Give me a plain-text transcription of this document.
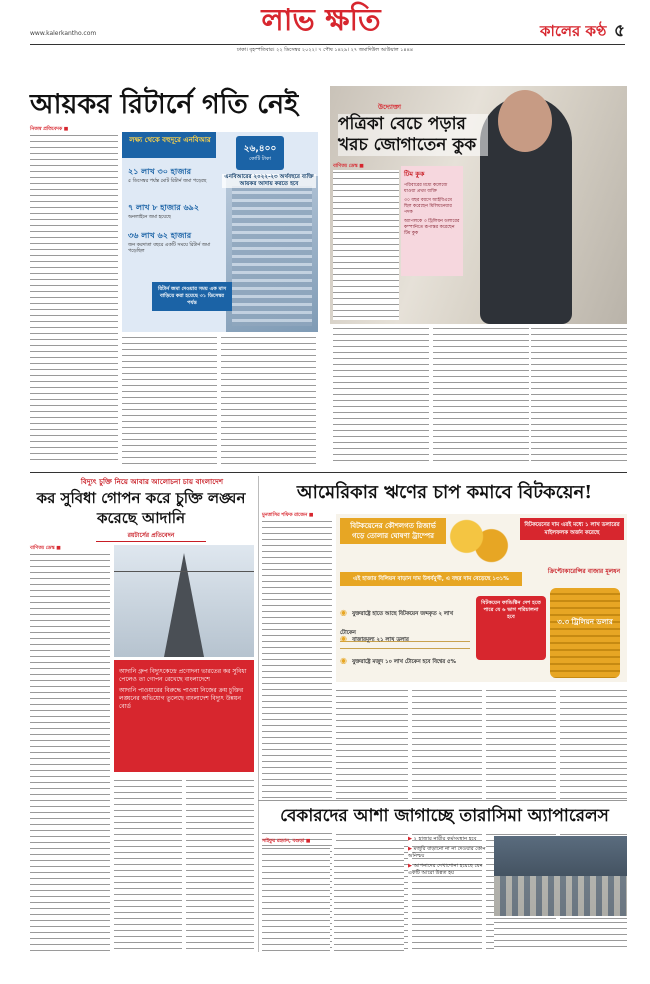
www.kalerkantho.com	লাভ ক্ষতি	কালের কণ্ঠ ৫
ঢাকা। বৃহস্পতিবার। ২২ ডিসেম্বর ২০২২। ৭ পৌষ ১৪২৯। ২৭ জমাদিউল আউয়াল ১৪৪৪
আয়কর রিটার্নে গতি নেই
নিজস্ব প্রতিবেদক ■
লক্ষ্য থেকে বহুদূরে এনবিআর
২৬,৪০০
কোটি টাকা
এনবিআরের ২০২২-২৩ অর্থবছরে ব্যক্তি আয়কর আদায় করতে হবে
২১ লাখ ৩০ হাজার
৫ ডিসেম্বর পর্যন্ত মোট রিটার্ন জমা পড়েছে
৭ লাখ ৮ হাজার ৬৯২
অনলাইনে জমা হয়েছে
৩৬ লাখ ৬২ হাজার
জন করদাতা বছরে একটি সময়ে রিটার্ন জমা পড়েছিল
রিটার্ন জমা দেওয়ার সময় এক মাস বাড়িয়ে করা হয়েছে ৩১ ডিসেম্বর পর্যন্ত
উদ্যোক্তা
পত্রিকা বেচে পড়ার খরচ জোগাতেন কুক
বাণিজ্য ডেস্ক ■
টিম কুক
পরিবারের মধ্যে কলেজে যাওয়া প্রথম ব্যক্তি
৩০ বছর বয়সে আইবিএমে ছিল করেছেন মিলিয়নেয়ার পদক
অ্যাপলকে ৩ ট্রিলিয়ন ডলারের কম্পানিতে রূপান্তর করেছেন টিম কুক
বিদ্যুৎ চুক্তি নিয়ে আবার আলোচনা চায় বাংলাদেশ
কর সুবিধা গোপন করে চুক্তি লঙ্ঘন করেছে আদানি
রয়টার্সের প্রতিবেদন
বাণিজ্য ডেস্ক ■
আদানি গ্রুপ বিদ্যুৎকেন্দ্রে প্রণোদনা ভারতের কর সুবিধা পেলেও তা গোপন রেখেছে বাংলাদেশে
আদানি পাওয়ারের বিরুদ্ধে পাওয়া নিজের ক্রয় চুক্তির লঙ্ঘনের অভিযোগ তুলেছে বাংলাদেশ বিদ্যুৎ উন্নয়ন বোর্ড
আমেরিকার ঋণের চাপ কমাবে বিটকয়েন!
মুনতাসির শফিক রাজেন ■
বিটকয়েনের কৌশলগত রিজার্ভ গড়ে তোলার ঘোষণা ট্রাম্পের
বিটকয়েনের দাম এরই মধ্যে ১ লাখ ডলারের মাইলফলক অর্জন করেছে
এই হাজার বিলিয়ন বাড়ান দাম উধর্বমুখী, এ বছর দাম বেড়েছে ১৩১%
◉ যুক্তরাষ্ট্রে হাতে আছে বিটকয়েন জব্দকৃত ২ লাখ টোকেন
◉ বাজারমূল্য ২১ লাখ ডলার
◉ যুক্তরাষ্ট্রে মজুদ ১০ লাখ টোকেন হবে বিশ্বের ৫%
বিটকয়েন ফান্ডিক্টিন দেশ হতে পারে যে ৬ ভাগ পরিচালনা হবে
ক্রিপ্টোকারেন্সির বাজার মূলধন
৩.৩ ট্রিলিয়ন ডলার
বেকারদের আশা জাগাচ্ছে তারাসিমা অ্যাপারেলস
সাইফুর রহমান, বগুড়া ■	▶ ২ হাজার নারীর কর্মসংস্থান হবে
▶ মজুরি বাড়ানো না না দেওয়ার কোন অনিশ্চয়
▶ আপনাদের দেখাশোনা হয়েছে যেন একটি আরো উন্নত হয়
